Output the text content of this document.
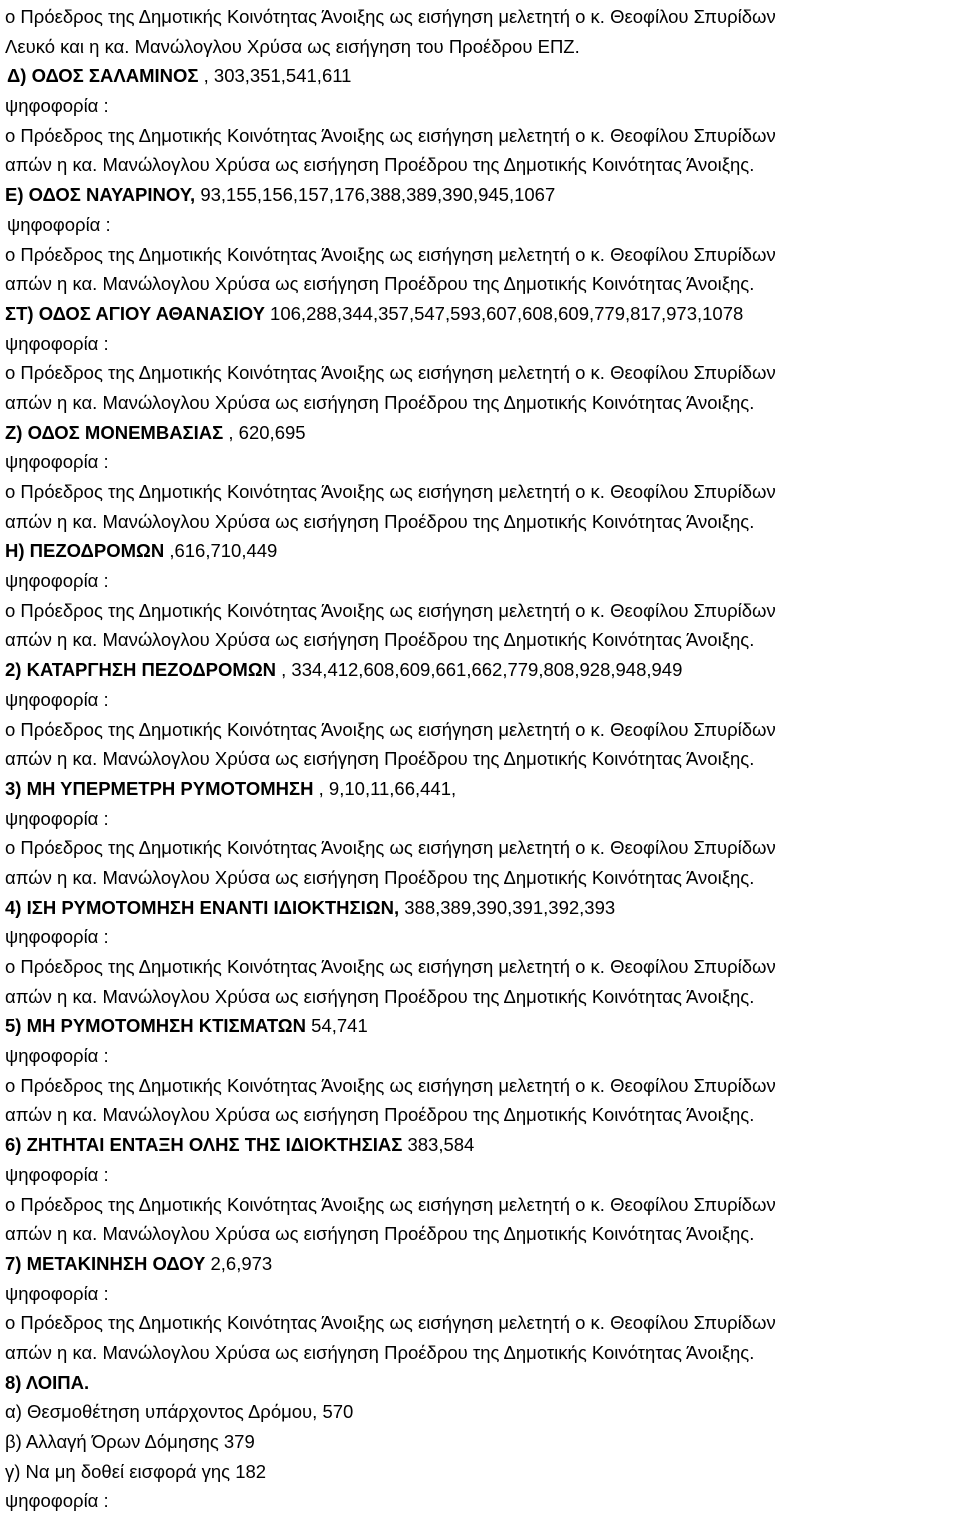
ο Πρόεδρος της Δημοτικής Κοινότητας Άνοιξης ως εισήγηση μελετητή ο κ. Θεοφίλου Σπυρίδων
Λευκό και η κα. Μανώλογλου Χρύσα ως εισήγηση του Προέδρου ΕΠΖ.
Δ) ΟΔΟΣ ΣΑΛΑΜΙΝΟΣ , 303,351,541,611
ψηφοφορία :
ο Πρόεδρος της Δημοτικής Κοινότητας Άνοιξης ως εισήγηση μελετητή ο κ. Θεοφίλου Σπυρίδων
απών η κα. Μανώλογλου Χρύσα ως εισήγηση Προέδρου της Δημοτικής Κοινότητας Άνοιξης.
Ε) ΟΔΟΣ ΝΑΥΑΡΙΝΟΥ, 93,155,156,157,176,388,389,390,945,1067
ψηφοφορία :
ο Πρόεδρος της Δημοτικής Κοινότητας Άνοιξης ως εισήγηση μελετητή ο κ. Θεοφίλου Σπυρίδων
απών η κα. Μανώλογλου Χρύσα ως εισήγηση Προέδρου της Δημοτικής Κοινότητας Άνοιξης.
ΣΤ) ΟΔΟΣ ΑΓΙΟΥ ΑΘΑΝΑΣΙΟΥ 106,288,344,357,547,593,607,608,609,779,817,973,1078
ψηφοφορία :
ο Πρόεδρος της Δημοτικής Κοινότητας Άνοιξης ως εισήγηση μελετητή ο κ. Θεοφίλου Σπυρίδων
απών η κα. Μανώλογλου Χρύσα ως εισήγηση Προέδρου της Δημοτικής Κοινότητας Άνοιξης.
Ζ) ΟΔΟΣ ΜΟΝΕΜΒΑΣΙΑΣ , 620,695
ψηφοφορία :
ο Πρόεδρος της Δημοτικής Κοινότητας Άνοιξης ως εισήγηση μελετητή ο κ. Θεοφίλου Σπυρίδων
απών η κα. Μανώλογλου Χρύσα ως εισήγηση Προέδρου της Δημοτικής Κοινότητας Άνοιξης.
Η) ΠΕΖΟΔΡΟΜΩΝ ,616,710,449
ψηφοφορία :
ο Πρόεδρος της Δημοτικής Κοινότητας Άνοιξης ως εισήγηση μελετητή ο κ. Θεοφίλου Σπυρίδων
απών η κα. Μανώλογλου Χρύσα ως εισήγηση Προέδρου της Δημοτικής Κοινότητας Άνοιξης.
2) ΚΑΤΑΡΓΗΣΗ ΠΕΖΟΔΡΟΜΩΝ , 334,412,608,609,661,662,779,808,928,948,949
ψηφοφορία :
ο Πρόεδρος της Δημοτικής Κοινότητας Άνοιξης ως εισήγηση μελετητή ο κ. Θεοφίλου Σπυρίδων
απών η κα. Μανώλογλου Χρύσα ως εισήγηση Προέδρου της Δημοτικής Κοινότητας Άνοιξης.
3) ΜΗ ΥΠΕΡΜΕΤΡΗ ΡΥΜΟΤΟΜΗΣΗ , 9,10,11,66,441,
ψηφοφορία :
ο Πρόεδρος της Δημοτικής Κοινότητας Άνοιξης ως εισήγηση μελετητή ο κ. Θεοφίλου Σπυρίδων
απών η κα. Μανώλογλου Χρύσα ως εισήγηση Προέδρου της Δημοτικής Κοινότητας Άνοιξης.
4) ΙΣΗ ΡΥΜΟΤΟΜΗΣΗ ΕΝΑΝΤΙ ΙΔΙΟΚΤΗΣΙΩΝ, 388,389,390,391,392,393
ψηφοφορία :
ο Πρόεδρος της Δημοτικής Κοινότητας Άνοιξης ως εισήγηση μελετητή ο κ. Θεοφίλου Σπυρίδων
απών η κα. Μανώλογλου Χρύσα ως εισήγηση Προέδρου της Δημοτικής Κοινότητας Άνοιξης.
5) ΜΗ ΡΥΜΟΤΟΜΗΣΗ ΚΤΙΣΜΑΤΩΝ 54,741
ψηφοφορία :
ο Πρόεδρος της Δημοτικής Κοινότητας Άνοιξης ως εισήγηση μελετητή ο κ. Θεοφίλου Σπυρίδων
απών η κα. Μανώλογλου Χρύσα ως εισήγηση Προέδρου της Δημοτικής Κοινότητας Άνοιξης.
6) ΖΗΤΗΤΑΙ ΕΝΤΑΞΗ ΟΛΗΣ ΤΗΣ ΙΔΙΟΚΤΗΣΙΑΣ 383,584
ψηφοφορία :
ο Πρόεδρος της Δημοτικής Κοινότητας Άνοιξης ως εισήγηση μελετητή ο κ. Θεοφίλου Σπυρίδων
απών η κα. Μανώλογλου Χρύσα ως εισήγηση Προέδρου της Δημοτικής Κοινότητας Άνοιξης.
7) ΜΕΤΑΚΙΝΗΣΗ ΟΔΟΥ 2,6,973
ψηφοφορία :
ο Πρόεδρος της Δημοτικής Κοινότητας Άνοιξης ως εισήγηση μελετητή ο κ. Θεοφίλου Σπυρίδων
απών η κα. Μανώλογλου Χρύσα ως εισήγηση Προέδρου της Δημοτικής Κοινότητας Άνοιξης.
8) ΛΟΙΠΑ.
α) Θεσμοθέτηση υπάρχοντος Δρόμου, 570
β) Αλλαγή Όρων Δόμησης 379
γ) Να μη δοθεί εισφορά γης 182
ψηφοφορία :
